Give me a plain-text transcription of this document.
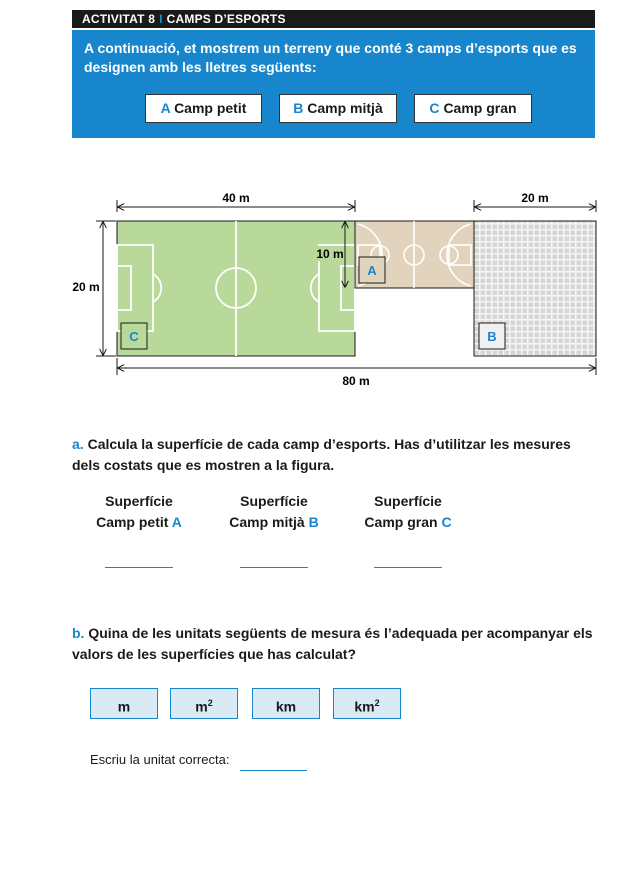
ACTIVITAT 8 I CAMPS D’ESPORTS
A continuació, et mostrem un terreny que conté 3 camps d’esports que es designen amb les lletres següents:
A Camp petit	B Camp mitjà	C Camp gran
40 m	20 m
20 m
C
A
B
10 m
80 m
a. Calcula la superfície de cada camp d’esports. Has d’utilitzar les mesures dels costats que es mostren a la figura.
Superfície
Camp petit A
Superfície
Camp mitjà B
Superfície
Camp gran C
b. Quina de les unitats següents de mesura és l’adequada per acompanyar els valors de les superfícies que has calculat?
m	$m^2$	km	$km^2$
Escriu la unitat correcta:
